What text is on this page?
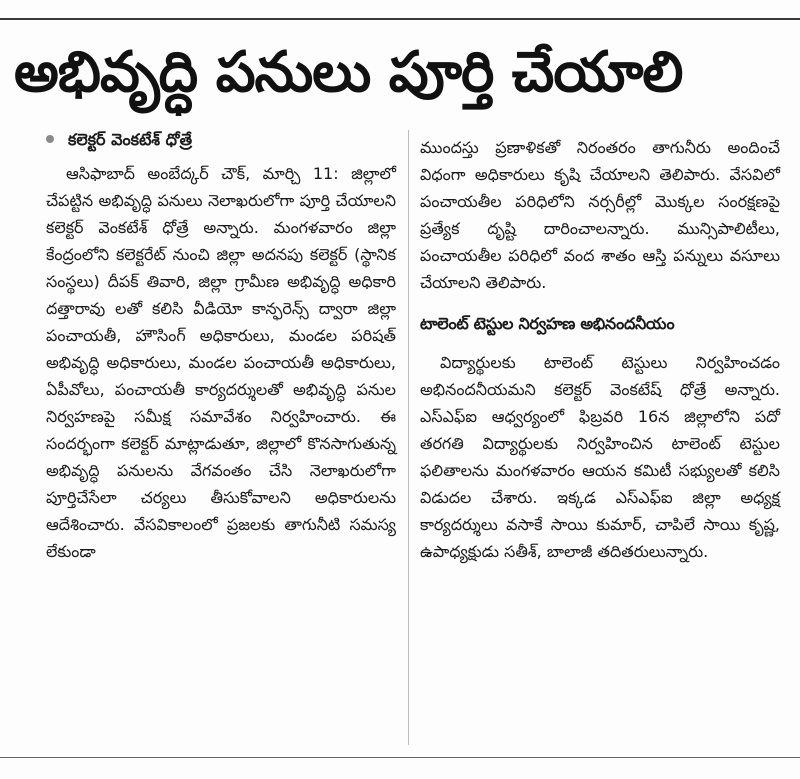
అభివృద్ధి పనులు పూర్తి చేయాలి
కలెక్టర్ వెంకటేశ్ ధోత్రే

ఆసిఫాబాద్ అంబేద్కర్ చౌక్, మార్చి 11: జిల్లాలో చేపట్టిన అభివృద్ధి పనులు నెలాఖరులోగా పూర్తి చేయాలని కలెక్టర్ వెంకటేశ్ ధోత్రే అన్నారు. మంగళవారం జిల్లా కేంద్రంలోని కలెక్టరేట్ నుంచి జిల్లా అదనపు కలెక్టర్ (స్థానిక సంస్థలు) దీపక్ తివారి, జిల్లా గ్రామీణ అభివృద్ధి అధికారి దత్తారావు లతో కలిసి వీడియో కాన్ఫరెన్స్ ద్వారా జిల్లా పంచాయతీ, హౌసింగ్ అధికారులు, మండల పరిషత్ అభివృద్ధి అధికారులు, మండల పంచాయతీ అధికారులు, ఏపీవోలు, పంచాయతీ కార్యదర్శులతో అభివృద్ధి పనుల నిర్వహణపై సమీక్ష సమావేశం నిర్వహించారు. ఈ సందర్భంగా కలెక్టర్ మాట్లాడుతూ, జిల్లాలో కొనసాగుతున్న అభివృద్ధి పనులను వేగవంతం చేసి నెలాఖరులోగా పూర్తిచేసేలా చర్యలు తీసుకోవాలని అధికారులను ఆదేశించారు. వేసవికాలంలో ప్రజలకు తాగునీటి సమస్య లేకుండా

ముందస్తు ప్రణాళికతో నిరంతరం తాగునీరు అందించే విధంగా అధికారులు కృషి చేయాలని తెలిపారు. వేసవిలో పంచాయతీల పరిధిలోని నర్సరీల్లో మొక్కల సంరక్షణపై ప్రత్యేక దృష్టి దారించాలన్నారు. మున్సిపాలిటీలు, పంచాయతీల పరిధిలో వంద శాతం ఆస్తి పన్నులు వసూలు చేయాలని తెలిపారు.

టాలెంట్ టెస్టుల నిర్వహణ అభినందనీయం

విద్యార్థులకు టాలెంట్ టెస్టులు నిర్వహించడం అభినందనీయమని కలెక్టర్ వెంకటేష్ ధోత్రే అన్నారు. ఎస్ఎఫ్ఐ ఆధ్వర్యంలో ఫిబ్రవరి 16న జిల్లాలోని పదో తరగతి విద్యార్థులకు నిర్వహించిన టాలెంట్ టెస్టుల ఫలితాలను మంగళవారం ఆయన కమిటీ సభ్యులతో కలిసి విడుదల చేశారు. ఇక్కడ ఎస్ఎఫ్ఐ జిల్లా అధ్యక్ష కార్యదర్శులు వసాకే సాయి కుమార్, చాపిలే సాయి కృష్ణ, ఉపాధ్యక్షుడు సతీశ్, బాలాజీ తదితరులున్నారు.
